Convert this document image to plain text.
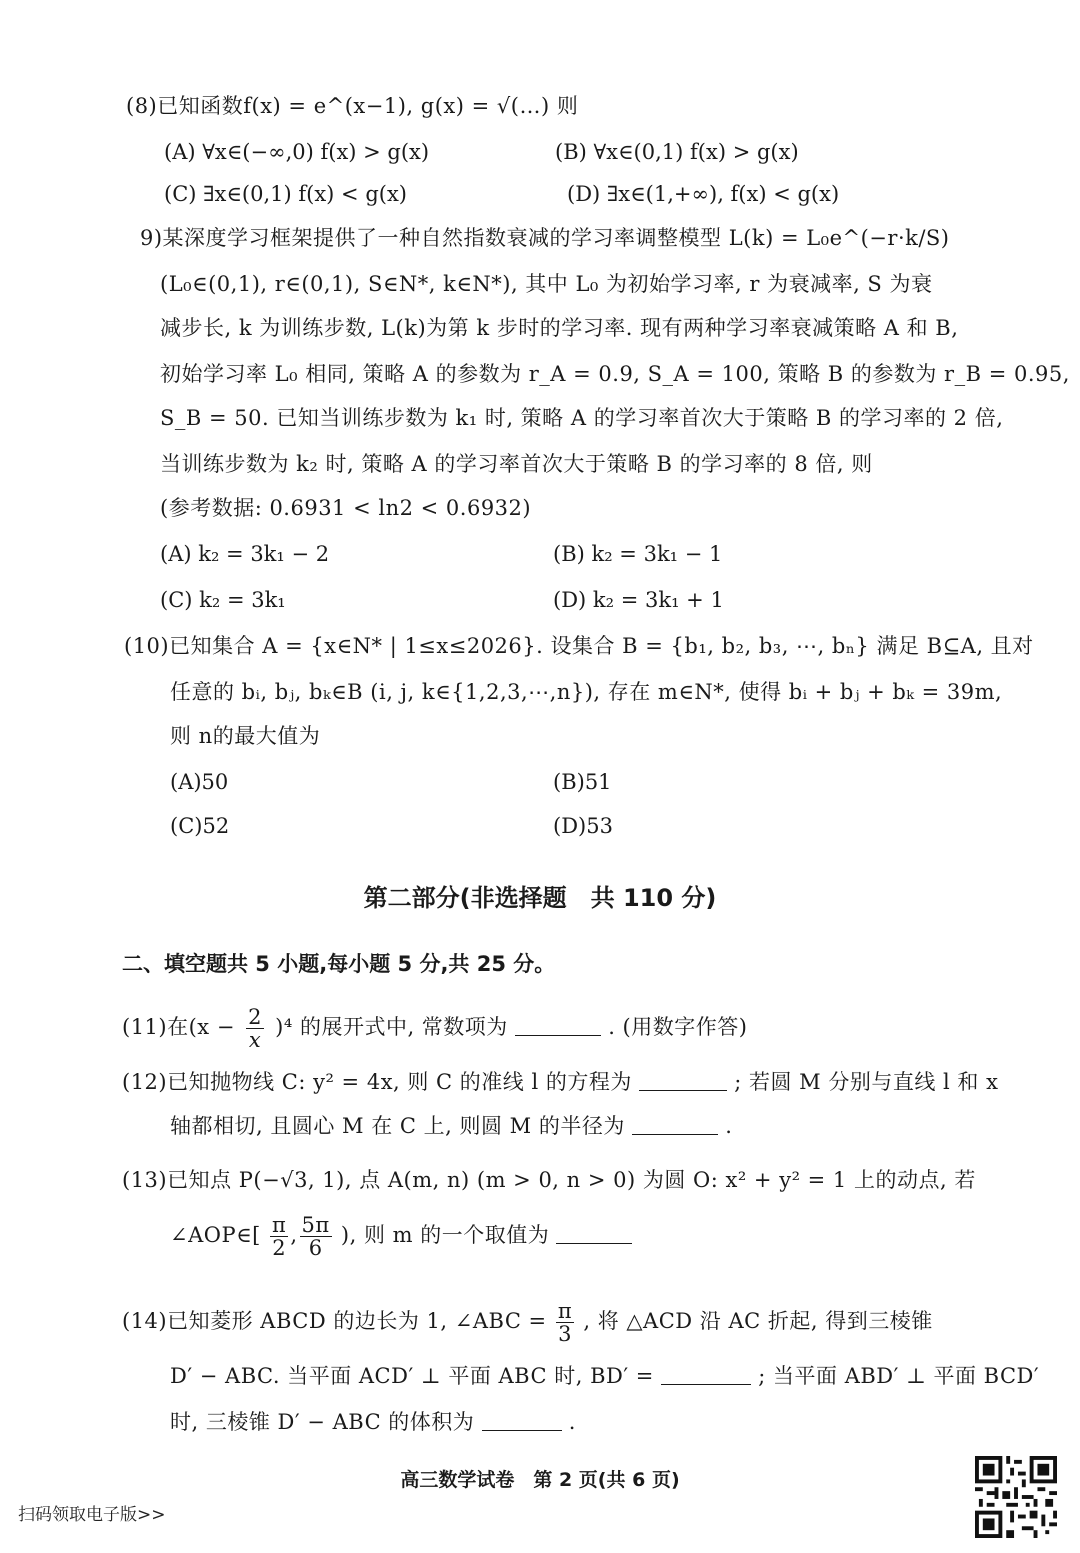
(8)已知函数f(x) = e^(x−1), g(x) = √(…) 则
(A) ∀x∈(−∞,0) f(x) > g(x)	(B) ∀x∈(0,1) f(x) > g(x)
(C) ∃x∈(0,1) f(x) < g(x)	(D) ∃x∈(1,+∞), f(x) < g(x)
9)某深度学习框架提供了一种自然指数衰减的学习率调整模型 L(k) = L₀e^(−r·k/S)
(L₀∈(0,1), r∈(0,1), S∈N*, k∈N*), 其中 L₀ 为初始学习率, r 为衰减率, S 为衰
减步长, k 为训练步数, L(k)为第 k 步时的学习率. 现有两种学习率衰减策略 A 和 B,
初始学习率 L₀ 相同, 策略 A 的参数为 r_A = 0.9, S_A = 100, 策略 B 的参数为 r_B = 0.95,
S_B = 50. 已知当训练步数为 k₁ 时, 策略 A 的学习率首次大于策略 B 的学习率的 2 倍,
当训练步数为 k₂ 时, 策略 A 的学习率首次大于策略 B 的学习率的 8 倍, 则
(参考数据: 0.6931 < ln2 < 0.6932)
(A) k₂ = 3k₁ − 2	(B) k₂ = 3k₁ − 1
(C) k₂ = 3k₁	(D) k₂ = 3k₁ + 1
(10)已知集合 A = {x∈N* | 1≤x≤2026}. 设集合 B = {b₁, b₂, b₃, ⋯, bₙ} 满足 B⊆A, 且对
任意的 bᵢ, bⱼ, bₖ∈B (i, j, k∈{1,2,3,⋯,n}), 存在 m∈N*, 使得 bᵢ + bⱼ + bₖ = 39m,
则 n的最大值为
(A)50	(B)51
(C)52	(D)53
第二部分(非选择题　共 110 分)
二、填空题共 5 小题,每小题 5 分,共 25 分。
(11)在$(x - \frac{2}{x} )^4$ 的展开式中, 常数项为	. (用数字作答)
(12)已知抛物线 C: y² = 4x, 则 C 的准线 l 的方程为	; 若圆 M 分别与直线 l 和 x
轴都相切, 且圆心 M 在 C 上, 则圆 M 的半径为	.
(13)已知点 P(−√3, 1), 点 A(m, n) (m > 0, n > 0) 为圆 O: x² + y² = 1 上的动点, 若
∠AOP∈[ $\frac{\pi}{2}$ , $\frac{5\pi}{6}$ ), 则 m 的一个取值为
(14)已知菱形 ABCD 的边长为 1, ∠ABC = $\frac{\pi}{3}$ , 将 △ACD 沿 AC 折起, 得到三棱锥
D′ − ABC. 当平面 ACD′ ⊥ 平面 ABC 时, BD′ =	; 当平面 ABD′ ⊥ 平面 BCD′
时, 三棱锥 D′ − ABC 的体积为	.
高三数学试卷　第 2 页(共 6 页)
扫码领取电子版>>
